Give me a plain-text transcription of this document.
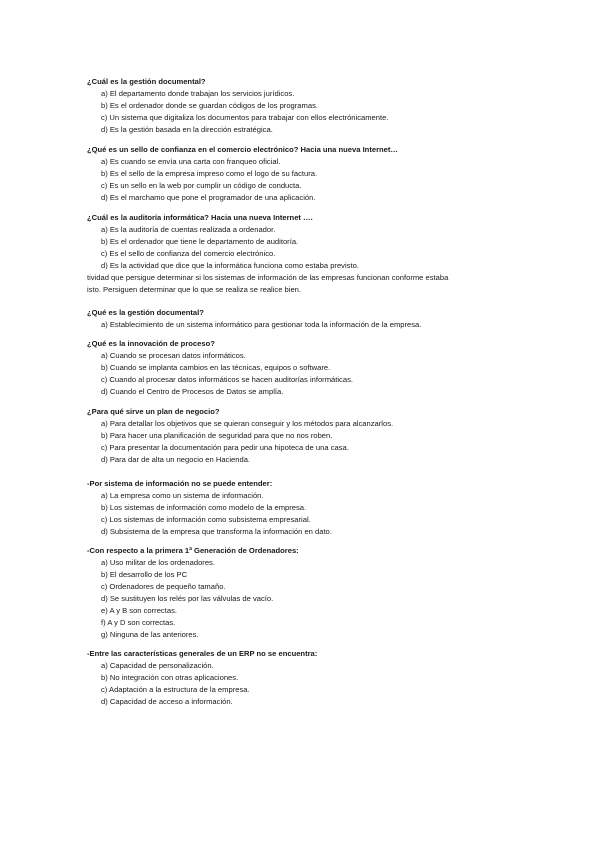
¿Cuál es la gestión documental?
a) El departamento donde trabajan los servicios jurídicos.
b) Es el ordenador donde se guardan códigos de los programas.
c) Un sistema que digitaliza los documentos para trabajar con ellos electrónicamente.
d) Es la gestión basada en la dirección estratégica.
¿Qué es un sello de confianza en el comercio electrónico? Hacia una nueva Internet…
a) Es cuando se envía una carta con franqueo oficial.
b) Es el sello de la empresa impreso como el logo de su factura.
c) Es un sello en la web por cumplir un código de conducta.
d) Es el marchamo que pone el programador de una aplicación.
¿Cuál es la auditoría informática? Hacia una nueva Internet ….
a) Es la auditoría de cuentas realizada a ordenador.
b) Es el ordenador que tiene le departamento de auditoría.
c) Es el sello de confianza del comercio electrónico.
d) Es la actividad que dice que la informática funciona como estaba previsto.
tividad que persigue determinar si los sistemas de información de las empresas funcionan conforme estaba
isto. Persiguen determinar que lo que se realiza se realice bien.
¿Qué es la gestión documental?
a) Establecimiento de un sistema informático para gestionar toda la información de la empresa.
¿Qué es la innovación de proceso?
a) Cuando se procesan datos informáticos.
b) Cuando se implanta cambios en las técnicas, equipos o software.
c) Cuando al procesar datos informáticos se hacen auditorías informáticas.
d) Cuando el Centro de Procesos de Datos se amplía.
¿Para qué sirve un plan de negocio?
a) Para detallar los objetivos que se quieran conseguir y los métodos para alcanzarlos.
b) Para hacer una planificación de seguridad para que no nos roben.
c) Para presentar la documentación para pedir una hipoteca de una casa.
d) Para dar de alta un negocio en Hacienda.
-Por sistema de información no se puede entender:
a) La empresa como un sistema de información.
b) Los sistemas de información como modelo de la empresa.
c) Los sistemas de información como subsistema empresarial.
d) Subsistema de la empresa que transforma la información en dato.
-Con respecto a la primera 1ª Generación de Ordenadores:
a) Uso militar de los ordenadores.
b) El desarrollo de los PC
c) Ordenadores de pequeño tamaño.
d) Se sustituyen los relés por las válvulas de vacío.
e) A y B son correctas.
f) A y D son correctas.
g) Ninguna de las anteriores.
-Entre las características generales de un ERP no se encuentra:
a) Capacidad de personalización.
b) No integración con otras aplicaciones.
c) Adaptación a la estructura de la empresa.
d) Capacidad de acceso a información.
